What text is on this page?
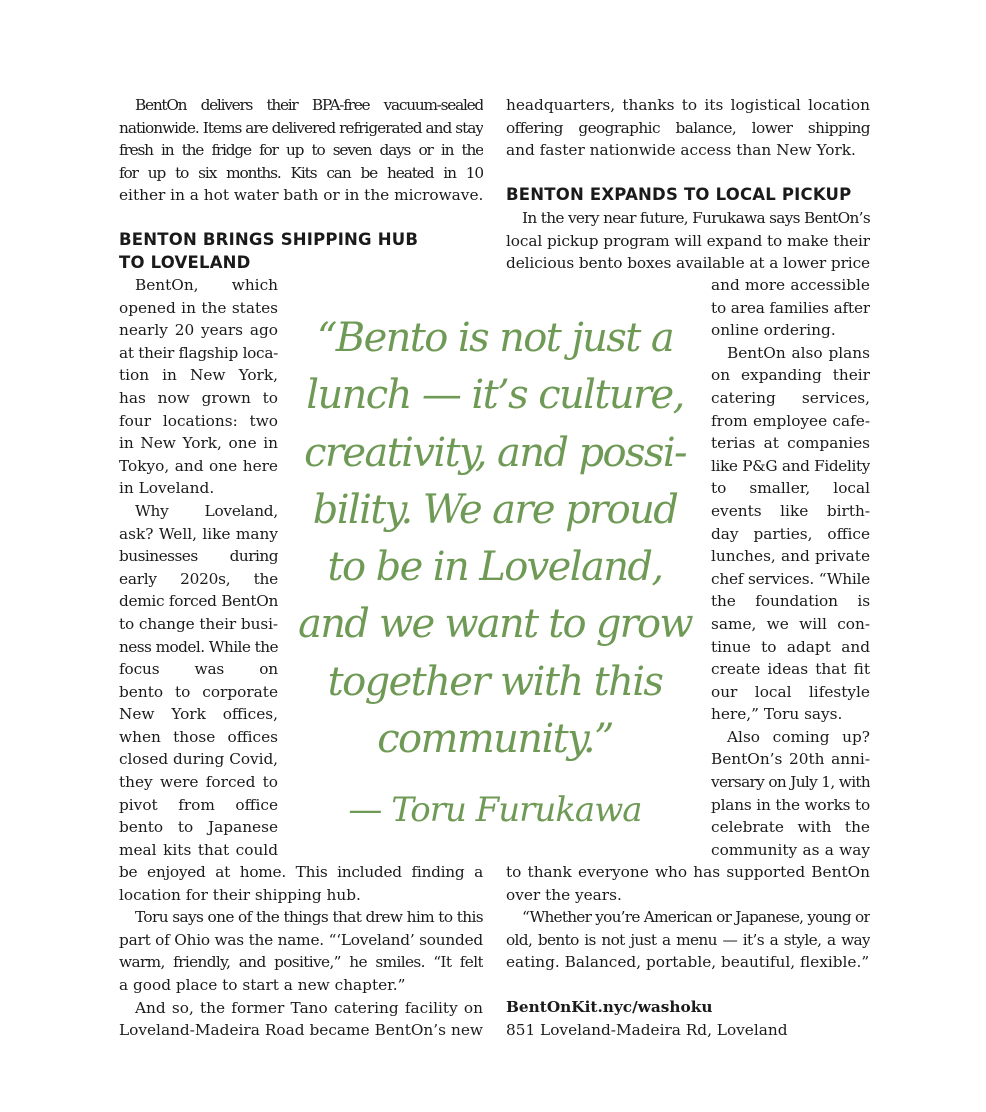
BentOn delivers their BPA-free vacuum-sealed
nationwide. Items are delivered refrigerated and stay
fresh in the fridge for up to seven days or in the
for up to six months. Kits can be heated in 10
either in a hot water bath or in the microwave.
BENTON BRINGS SHIPPING HUB
TO LOVELAND
BentOn, which
opened in the states
nearly 20 years ago
at their flagship loca-
tion in New York,
has now grown to
four locations: two
in New York, one in
Tokyo, and one here
in Loveland.
Why Loveland,
ask? Well, like many
businesses during
early 2020s, the
demic forced BentOn
to change their busi-
ness model. While the
focus was on
bento to corporate
New York offices,
when those offices
closed during Covid,
they were forced to
pivot from office
bento to Japanese
meal kits that could
be enjoyed at home. This included finding a
location for their shipping hub.
Toru says one of the things that drew him to this
part of Ohio was the name. “‘Loveland’ sounded
warm, friendly, and positive,” he smiles. “It felt
a good place to start a new chapter.”
And so, the former Tano catering facility on
Loveland-Madeira Road became BentOn’s new
headquarters, thanks to its logistical location
offering geographic balance, lower shipping
and faster nationwide access than New York.
BENTON EXPANDS TO LOCAL PICKUP
In the very near future, Furukawa says BentOn’s
local pickup program will expand to make their
delicious bento boxes available at a lower price
and more accessible
to area families after
online ordering.
BentOn also plans
on expanding their
catering services,
from employee cafe-
terias at companies
like P&G and Fidelity
to smaller, local
events like birth-
day parties, office
lunches, and private
chef services. “While
the foundation is
same, we will con-
tinue to adapt and
create ideas that fit
our local lifestyle
here,” Toru says.
Also coming up?
BentOn’s 20th anni-
versary on July 1, with
plans in the works to
celebrate with the
community as a way
to thank everyone who has supported BentOn
over the years.
“Whether you’re American or Japanese, young or
old, bento is not just a menu — it’s a style, a way
eating. Balanced, portable, beautiful, flexible.”
BentOnKit.nyc/washoku
851 Loveland-Madeira Rd, Loveland
“Bento is not just a
lunch — it’s culture,
creativity, and possi-
bility. We are proud
to be in Loveland,
and we want to grow
together with this
community.”
— Toru Furukawa
